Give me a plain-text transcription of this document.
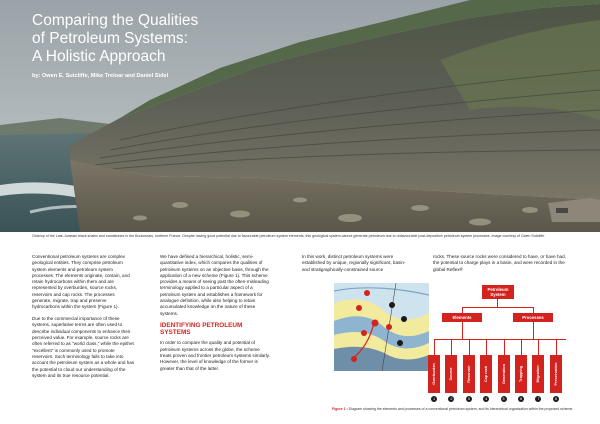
Comparing the Qualities
of Petroleum Systems:
A Holistic Approach
by: Owen E. Sutcliffe, Mike Treloar and Daniel Sidel
Outcrop of the Late-Jurassic black shales and sandstones in the Boulonnais, northern France. Despite having good potential due to favourable petroleum system elements, this geological system cannot generate petroleum due to unfavourable post-deposition petroleum system processes. Image courtesy of Owen Sutcliffe.

Conventional petroleum systems are complex geological entities. They comprise petroleum system elements and petroleum system processes. The elements originate, contain, and retain hydrocarbons within them and are represented by overburden, source rocks, reservoirs and cap rocks. The processes generate, migrate, trap and preserve hydrocarbons within the system (Figure 1).

Due to the commercial importance of these systems, superlative terms are often used to describe individual components to enhance their perceived value. For example, source rocks are often referred to as "world class," while the epithet "excellent" is commonly used to promote reservoirs. Such terminology fails to take into account the petroleum system as a whole and has the potential to cloud our understanding of the system and its true resource potential.

We have defined a hierarchical, holistic, semi-quantitative index, which compares the qualities of petroleum systems on an objective basis, through the application of a new scheme (Figure 1). This scheme provides a means of seeing past the often-misleading terminology applied to a particular aspect of a petroleum system and establishes a framework for analogue definition, while also helping to retain accumulated knowledge on the nature of these systems.

IDENTIFYING PETROLEUM SYSTEMS

In order to compare the quality and potential of petroleum systems across the globe, the scheme treats proven and frontier petroleum systems similarly. However, the level of knowledge of the former is greater than that of the latter.

In this work, distinct petroleum systems were established by unique, regionally significant, basin- and stratigraphically-constrained source

rocks. These source rocks were considered to have, or have had, the potential to charge plays in a basin, and were recorded in the global Reflex®

Petroleum System
Elements	Processes
Overburden
1
Source
2
Reservoir
3
Cap rock
4
Generation
5
Trapping
6
Migration
7
Preservation
8
Figure 1 • Diagram showing the elements and processes of a conventional petroleum system, and its hierarchical organisation within the proposed scheme.
